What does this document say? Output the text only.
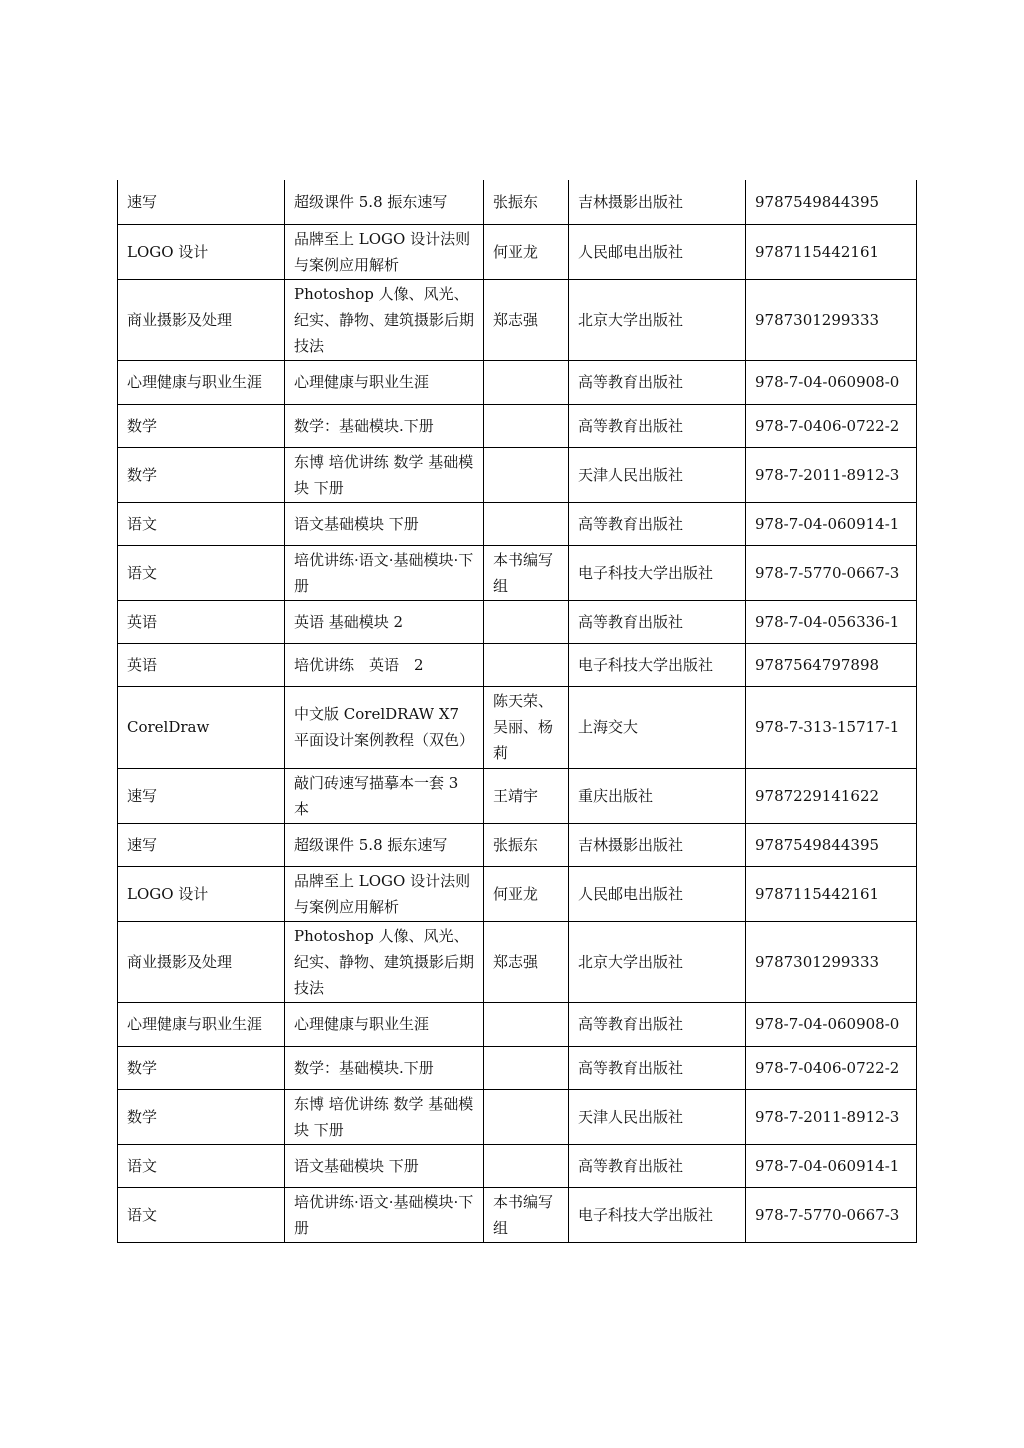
速写	超级课件 5.8 振东速写	张振东	吉林摄影出版社	9787549844395
LOGO 设计	品牌至上 LOGO 设计法则与案例应用解析	何亚龙	人民邮电出版社	9787115442161
商业摄影及处理	Photoshop 人像、风光、纪实、静物、建筑摄影后期技法	郑志强	北京大学出版社	9787301299333
心理健康与职业生涯	心理健康与职业生涯		高等教育出版社	978-7-04-060908-0
数学	数学：基础模块.下册		高等教育出版社	978-7-0406-0722-2
数学	东博 培优讲练 数学 基础模块 下册		天津人民出版社	978-7-2011-8912-3
语文	语文基础模块 下册		高等教育出版社	978-7-04-060914-1
语文	培优讲练·语文·基础模块·下册	本书编写组	电子科技大学出版社	978-7-5770-0667-3
英语	英语 基础模块 2		高等教育出版社	978-7-04-056336-1
英语	培优讲练　英语　2		电子科技大学出版社	9787564797898
CorelDraw	中文版 CorelDRAW X7 平面设计案例教程（双色）	陈天荣、吴丽、杨莉	上海交大	978-7-313-15717-1
速写	敲门砖速写描摹本一套 3 本	王靖宇	重庆出版社	9787229141622
速写	超级课件 5.8 振东速写	张振东	吉林摄影出版社	9787549844395
LOGO 设计	品牌至上 LOGO 设计法则与案例应用解析	何亚龙	人民邮电出版社	9787115442161
商业摄影及处理	Photoshop 人像、风光、纪实、静物、建筑摄影后期技法	郑志强	北京大学出版社	9787301299333
心理健康与职业生涯	心理健康与职业生涯		高等教育出版社	978-7-04-060908-0
数学	数学：基础模块.下册		高等教育出版社	978-7-0406-0722-2
数学	东博 培优讲练 数学 基础模块 下册		天津人民出版社	978-7-2011-8912-3
语文	语文基础模块 下册		高等教育出版社	978-7-04-060914-1
语文	培优讲练·语文·基础模块·下册	本书编写组	电子科技大学出版社	978-7-5770-0667-3
